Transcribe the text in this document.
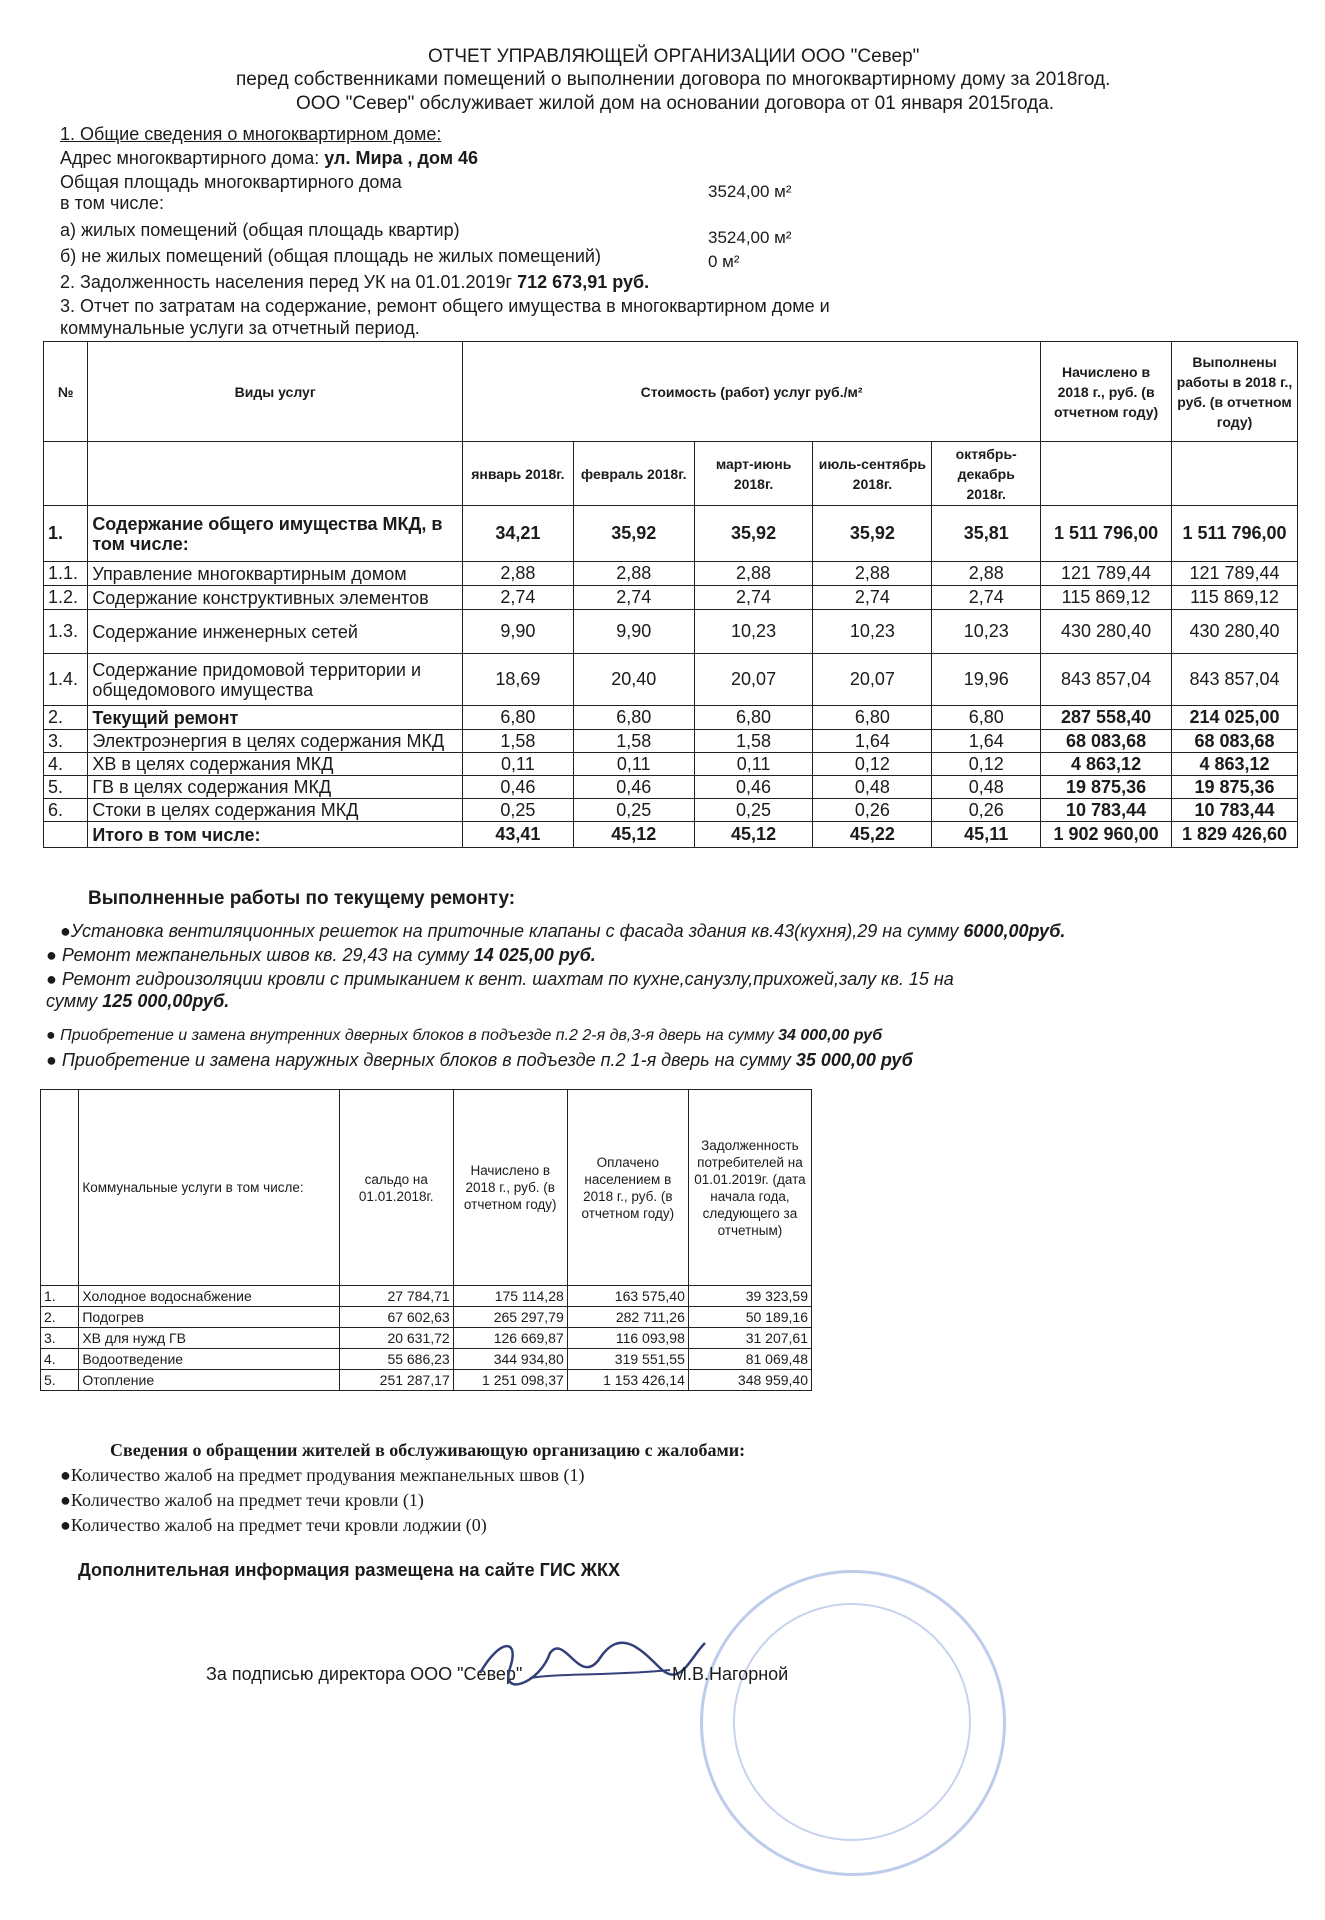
ОТЧЕТ УПРАВЛЯЮЩЕЙ ОРГАНИЗАЦИИ ООО "Север"
перед собственниками помещений о выполнении договора по многоквартирному дому за 2018год.
ООО "Север" обслуживает жилой дом на основании договора от 01 января 2015года.
1. Общие сведения о многоквартирном доме:
Адрес многоквартирного дома: ул. Мира , дом 46
Общая площадь многоквартирного дома	3524,00 м²
в том числе:
а) жилых помещений (общая площадь квартир)	3524,00 м²
б) не жилых помещений (общая площадь не жилых помещений)	0 м²
2. Задолженность населения перед УК на 01.01.2019г 712 673,91 руб.
3. Отчет по затратам на содержание, ремонт общего имущества в многоквартирном доме и
коммунальные услуги за отчетный период.
№	Виды услуг	Стоимость (работ) услуг руб./м²					Начислено в 2018 г., руб. (в отчетном году)	Выполнены работы в 2018 г., руб. (в отчетном году)
		январь 2018г.	февраль 2018г.	март-июнь 2018г.	июль-сентябрь 2018г.	октябрь-декабрь 2018г.		
1.	Содержание общего имущества МКД, в том числе:	34,21	35,92	35,92	35,92	35,81	1 511 796,00	1 511 796,00
1.1.	Управление многоквартирным домом	2,88	2,88	2,88	2,88	2,88	121 789,44	121 789,44
1.2.	Содержание конструктивных элементов	2,74	2,74	2,74	2,74	2,74	115 869,12	115 869,12
1.3.	Содержание инженерных сетей	9,90	9,90	10,23	10,23	10,23	430 280,40	430 280,40
1.4.	Содержание придомовой территории и общедомового имущества	18,69	20,40	20,07	20,07	19,96	843 857,04	843 857,04
2.	Текущий ремонт	6,80	6,80	6,80	6,80	6,80	287 558,40	214 025,00
3.	Электроэнергия в целях содержания МКД	1,58	1,58	1,58	1,64	1,64	68 083,68	68 083,68
4.	ХВ в целях содержания МКД	0,11	0,11	0,11	0,12	0,12	4 863,12	4 863,12
5.	ГВ в целях содержания МКД	0,46	0,46	0,46	0,48	0,48	19 875,36	19 875,36
6.	Стоки в целях содержания МКД	0,25	0,25	0,25	0,26	0,26	10 783,44	10 783,44
	Итого в том числе:	43,41	45,12	45,12	45,22	45,11	1 902 960,00	1 829 426,60
Выполненные работы по текущему ремонту:
●Установка вентиляционных решеток на приточные клапаны с фасада здания кв.43(кухня),29 на сумму 6000,00руб.
● Ремонт межпанельных швов кв. 29,43 на сумму 14 025,00 руб.
● Ремонт гидроизоляции кровли с примыканием к вент. шахтам по кухне,санузлу,прихожей,залу кв. 15 на
сумму 125 000,00руб.
● Приобретение и замена внутренних дверных блоков в подъезде п.2 2-я дв,3-я дверь на сумму 34 000,00 руб
● Приобретение и замена наружных дверных блоков в подъезде п.2 1-я дверь на сумму 35 000,00 руб
	Коммунальные услуги в том числе:	сальдо на 01.01.2018г.	Начислено в 2018 г., руб. (в отчетном году)	Оплачено населением в 2018 г., руб. (в отчетном году)	Задолженность потребителей на 01.01.2019г. (дата начала года, следующего за отчетным)
1.	Холодное водоснабжение	27 784,71	175 114,28	163 575,40	39 323,59
2.	Подогрев	67 602,63	265 297,79	282 711,26	50 189,16
3.	ХВ для нужд ГВ	20 631,72	126 669,87	116 093,98	31 207,61
4.	Водоотведение	55 686,23	344 934,80	319 551,55	81 069,48
5.	Отопление	251 287,17	1 251 098,37	1 153 426,14	348 959,40
Сведения о обращении жителей в обслуживающую организацию с жалобами:
●Количество жалоб на предмет продувания межпанельных швов (1)
●Количество жалоб на предмет течи кровли (1)
●Количество жалоб на предмет течи кровли лоджии (0)
Дополнительная информация размещена на сайте ГИС ЖКХ
За подписью директора ООО "Север"	М.В.Нагорной
